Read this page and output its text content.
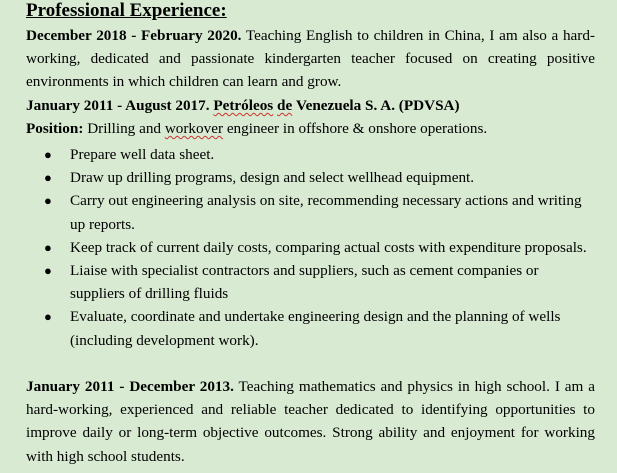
Professional Experience:
December 2018 - February 2020. Teaching English to children in China, I am also a hard-working, dedicated and passionate kindergarten teacher focused on creating positive environments in which children can learn and grow.
January 2011 - August 2017. Petróleos de Venezuela S. A. (PDVSA)
Position: Drilling and workover engineer in offshore & onshore operations.
● Prepare well data sheet.
● Draw up drilling programs, design and select wellhead equipment.
● Carry out engineering analysis on site, recommending necessary actions and writing up reports.
● Keep track of current daily costs, comparing actual costs with expenditure proposals.
● Liaise with specialist contractors and suppliers, such as cement companies or suppliers of drilling fluids
● Evaluate, coordinate and undertake engineering design and the planning of wells (including development work).
January 2011 - December 2013. Teaching mathematics and physics in high school. I am a hard-working, experienced and reliable teacher dedicated to identifying opportunities to improve daily or long-term objective outcomes. Strong ability and enjoyment for working with high school students.
